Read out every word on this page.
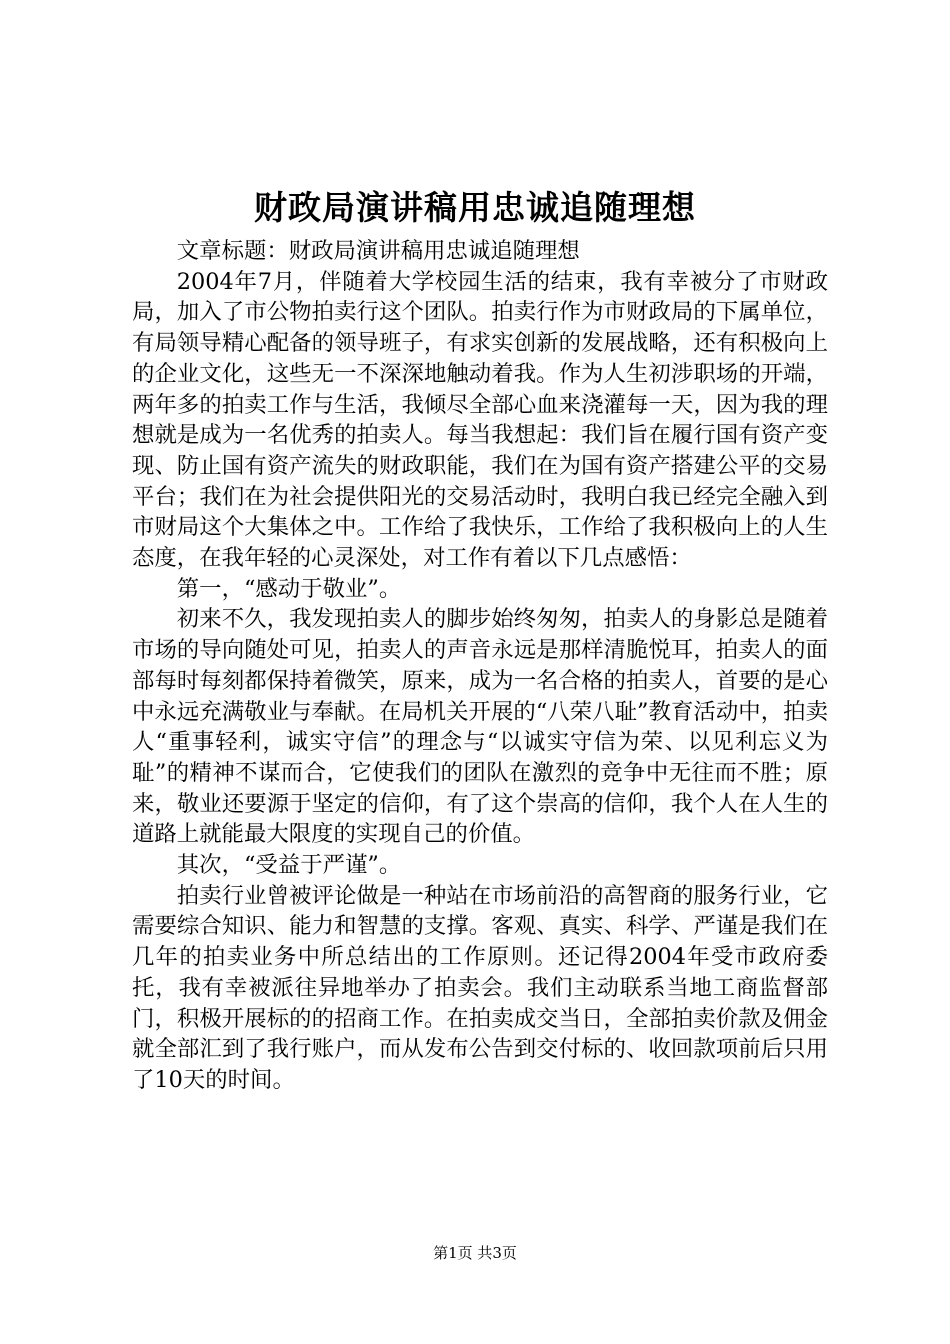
财政局演讲稿用忠诚追随理想

文章标题：财政局演讲稿用忠诚追随理想

2004年7月，伴随着大学校园生活的结束，我有幸被分了市财政局，加入了市公物拍卖行这个团队。拍卖行作为市财政局的下属单位，有局领导精心配备的领导班子，有求实创新的发展战略，还有积极向上的企业文化，这些无一不深深地触动着我。作为人生初涉职场的开端，两年多的拍卖工作与生活，我倾尽全部心血来浇灌每一天，因为我的理想就是成为一名优秀的拍卖人。每当我想起：我们旨在履行国有资产变现、防止国有资产流失的财政职能，我们在为国有资产搭建公平的交易平台；我们在为社会提供阳光的交易活动时，我明白我已经完全融入到市财局这个大集体之中。工作给了我快乐，工作给了我积极向上的人生态度，在我年轻的心灵深处，对工作有着以下几点感悟：

第一，“感动于敬业”。

初来不久，我发现拍卖人的脚步始终匆匆，拍卖人的身影总是随着市场的导向随处可见，拍卖人的声音永远是那样清脆悦耳，拍卖人的面部每时每刻都保持着微笑，原来，成为一名合格的拍卖人，首要的是心中永远充满敬业与奉献。在局机关开展的“八荣八耻”教育活动中，拍卖人“重事轻利，诚实守信”的理念与“以诚实守信为荣、以见利忘义为耻”的精神不谋而合，它使我们的团队在激烈的竞争中无往而不胜；原来，敬业还要源于坚定的信仰，有了这个崇高的信仰，我个人在人生的道路上就能最大限度的实现自己的价值。

其次，“受益于严谨”。

拍卖行业曾被评论做是一种站在市场前沿的高智商的服务行业，它需要综合知识、能力和智慧的支撑。客观、真实、科学、严谨是我们在几年的拍卖业务中所总结出的工作原则。还记得2004年受市政府委托，我有幸被派往异地举办了拍卖会。我们主动联系当地工商监督部门，积极开展标的的招商工作。在拍卖成交当日，全部拍卖价款及佣金就全部汇到了我行账户，而从发布公告到交付标的、收回款项前后只用了10天的时间。

第1页 共3页
